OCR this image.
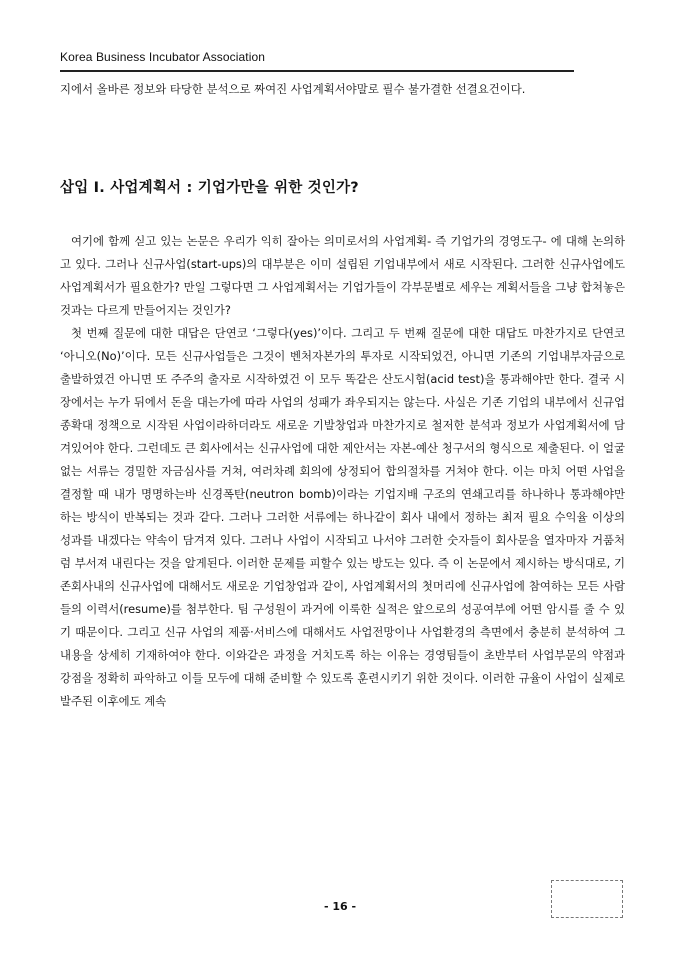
Korea Business Incubator Association

지에서 올바른 정보와 타당한 분석으로 짜여진 사업계획서야말로 필수 불가결한 선결요건이다.

삽입 I. 사업계획서 : 기업가만을 위한 것인가?

여기에 함께 싣고 있는 논문은 우리가 익히 잘아는 의미로서의 사업계획- 즉 기업가의 경영도구- 에 대해 논의하고 있다. 그러나 신규사업(start-ups)의 대부분은 이미 설립된 기업내부에서 새로 시작된다. 그러한 신규사업에도 사업계획서가 필요한가? 만일 그렇다면 그 사업계획서는 기업가들이 각부문별로 세우는 계획서들을 그냥 합쳐놓은 것과는 다르게 만들어지는 것인가?

첫 번째 질문에 대한 대답은 단연코 ‘그렇다(yes)’이다. 그리고 두 번째 질문에 대한 대답도 마찬가지로 단연코 ‘아니오(No)’이다. 모든 신규사업들은 그것이 벤처자본가의 투자로 시작되었건, 아니면 기존의 기업내부자금으로 출발하였건 아니면 또 주주의 출자로 시작하였건 이 모두 똑같은 산도시험(acid test)을 통과해야만 한다. 결국 시장에서는 누가 뒤에서 돈을 대는가에 따라 사업의 성패가 좌우되지는 않는다. 사실은 기존 기업의 내부에서 신규업종확대 정책으로 시작된 사업이라하더라도 새로운 기발창업과 마찬가지로 철저한 분석과 정보가 사업계획서에 담겨있어야 한다. 그런데도 큰 회사에서는 신규사업에 대한 제안서는 자본-예산 청구서의 형식으로 제출된다. 이 얼굴없는 서류는 경밀한 자금심사를 거쳐, 여러차례 회의에 상정되어 합의절차를 거쳐야 한다. 이는 마치 어떤 사업을 결정할 때 내가 명명하는바 신경폭탄(neutron bomb)이라는 기업지배 구조의 연쇄고리를 하나하나 통과해야만 하는 방식이 반복되는 것과 같다. 그러나 그러한 서류에는 하나같이 회사 내에서 정하는 최저 필요 수익율 이상의 성과를 내겠다는 약속이 담겨져 있다. 그러나 사업이 시작되고 나서야 그러한 숫자들이 회사문을 열자마자 거품처럼 부서져 내린다는 것을 알게된다. 이러한 문제를 피할수 있는 방도는 있다. 즉 이 논문에서 제시하는 방식대로, 기존회사내의 신규사업에 대해서도 새로운 기업창업과 같이, 사업계획서의 첫머리에 신규사업에 참여하는 모든 사람들의 이력서(resume)를 첨부한다. 팀 구성원이 과거에 이룩한 실적은 앞으로의 성공여부에 어떤 암시를 줄 수 있기 때문이다. 그리고 신규 사업의 제품·서비스에 대해서도 사업전망이나 사업환경의 측면에서 충분히 분석하여 그 내용을 상세히 기재하여야 한다. 이와같은 과정을 거치도록 하는 이유는 경영팀들이 초반부터 사업부문의 약점과 강점을 정확히 파악하고 이들 모두에 대해 준비할 수 있도록 훈련시키기 위한 것이다. 이러한 규율이 사업이 실제로 발주된 이후에도 계속

- 16 -
